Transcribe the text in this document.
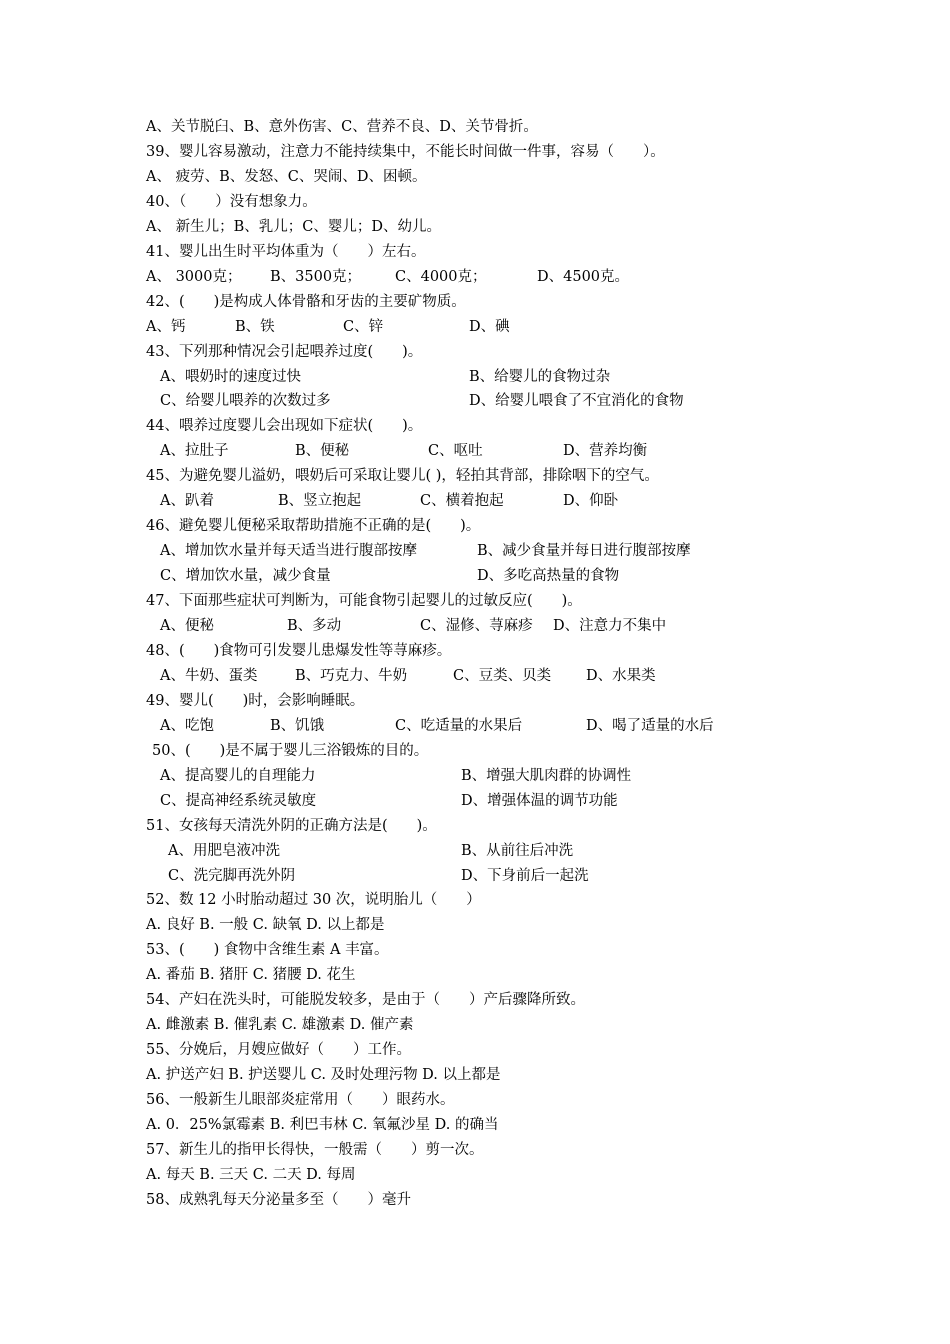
A、关节脱臼、B、意外伤害、C、营养不良、D、关节骨折。
39、婴儿容易激动，注意力不能持续集中，不能长时间做一件事，容易（　　）。
A、 疲劳、B、发怒、C、哭闹、D、困顿。
40、（　　）没有想象力。
A、 新生儿；B、乳儿；C、婴儿；D、幼儿。
41、婴儿出生时平均体重为（　　）左右。
A、 3000克； B、3500克； C、4000克；	D、4500克。
42、(　　)是构成人体骨骼和牙齿的主要矿物质。
A、钙	B、铁	C、锌	D、碘
43、下列那种情况会引起喂养过度(　　)。
A、喂奶时的速度过快	B、给婴儿的食物过杂
C、给婴儿喂养的次数过多	D、给婴儿喂食了不宜消化的食物
44、喂养过度婴儿会出现如下症状(　　)。
A、拉肚子	B、便秘	C、呕吐	D、营养均衡
45、为避免婴儿溢奶，喂奶后可采取让婴儿( )，轻拍其背部，排除咽下的空气。
A、趴着	B、竖立抱起	C、横着抱起	D、仰卧
46、避免婴儿便秘采取帮助措施不正确的是(　　)。
A、增加饮水量并每天适当进行腹部按摩	B、减少食量并每日进行腹部按摩
C、增加饮水量，减少食量	D、多吃高热量的食物
47、下面那些症状可判断为，可能食物引起婴儿的过敏反应(　　)。
A、便秘	B、多动	C、湿修、荨麻疹 D、注意力不集中
48、(　　)食物可引发婴儿患爆发性等荨麻疹。
A、牛奶、蛋类	B、巧克力、牛奶	C、豆类、贝类 D、水果类
49、婴儿(　　)时，会影响睡眠。
A、吃饱	B、饥饿	C、吃适量的水果后	D、喝了适量的水后
50、(　　)是不属于婴儿三浴锻炼的目的。
A、提高婴儿的自理能力	B、增强大肌肉群的协调性
C、提高神经系统灵敏度	D、增强体温的调节功能
51、女孩每天清洗外阴的正确方法是(　　)。
A、用肥皂液冲洗	B、从前往后冲洗
C、洗完脚再洗外阴	D、下身前后一起洗
52、数 12 小时胎动超过 30 次，说明胎儿（　　）
A. 良好 B. 一般 C. 缺氧 D. 以上都是
53、(　　) 食物中含维生素 A 丰富。
A. 番茄 B. 猪肝 C. 猪腰 D. 花生
54、产妇在洗头时，可能脱发较多，是由于（　　）产后骤降所致。
A. 雌激素 B. 催乳素 C. 雄激素 D. 催产素
55、分娩后，月嫂应做好（　　）工作。
A. 护送产妇 B. 护送婴儿 C. 及时处理污物 D. 以上都是
56、一般新生儿眼部炎症常用（　　）眼药水。
A. 0．25%氯霉素 B. 利巴韦林 C. 氧氟沙星 D. 的确当
57、新生儿的指甲长得快，一般需（　　）剪一次。
A. 每天 B. 三天 C. 二天 D. 每周
58、成熟乳每天分泌量多至（　　）毫升
